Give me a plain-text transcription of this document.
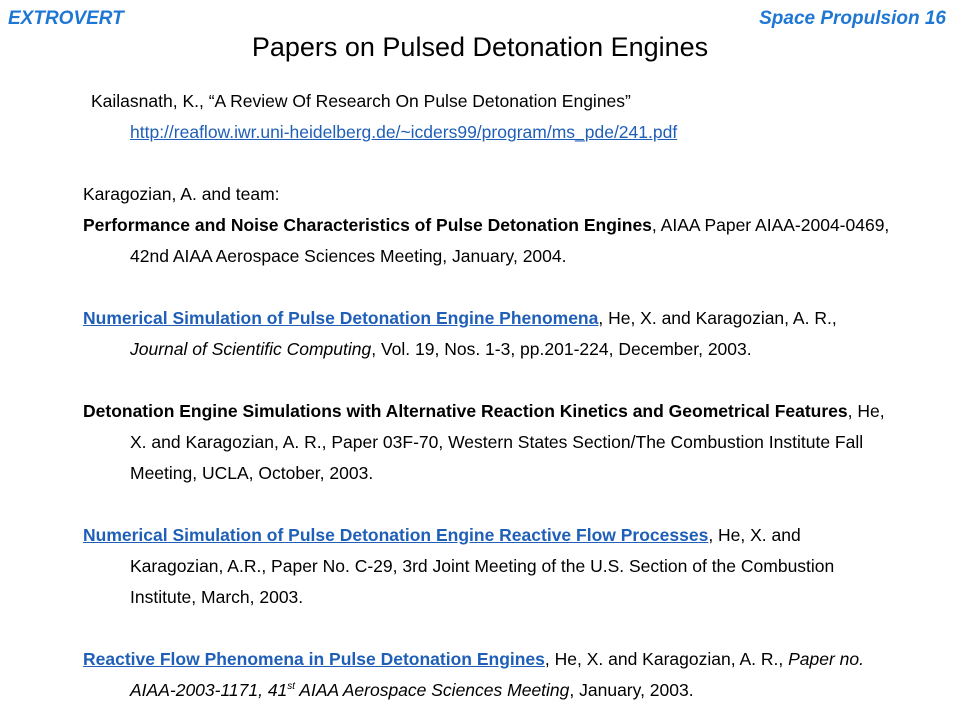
EXTROVERT	Space Propulsion 16
Papers on Pulsed Detonation Engines

Kailasnath, K., “A Review Of Research On Pulse Detonation Engines”
http://reaflow.iwr.uni-heidelberg.de/~icders99/program/ms_pde/241.pdf

Karagozian, A. and team:

Performance and Noise Characteristics of Pulse Detonation Engines, AIAA Paper AIAA-2004-0469, 42nd AIAA Aerospace Sciences Meeting, January, 2004.

Numerical Simulation of Pulse Detonation Engine Phenomena, He, X. and Karagozian, A. R., Journal of Scientific Computing, Vol. 19, Nos. 1-3, pp.201-224, December, 2003.

Detonation Engine Simulations with Alternative Reaction Kinetics and Geometrical Features, He, X. and Karagozian, A. R., Paper 03F-70, Western States Section/The Combustion Institute Fall Meeting, UCLA, October, 2003.

Numerical Simulation of Pulse Detonation Engine Reactive Flow Processes, He, X. and Karagozian, A.R., Paper No. C-29, 3rd Joint Meeting of the U.S. Section of the Combustion Institute, March, 2003.

Reactive Flow Phenomena in Pulse Detonation Engines, He, X. and Karagozian, A. R., Paper no. AIAA-2003-1171, 41st AIAA Aerospace Sciences Meeting, January, 2003.
